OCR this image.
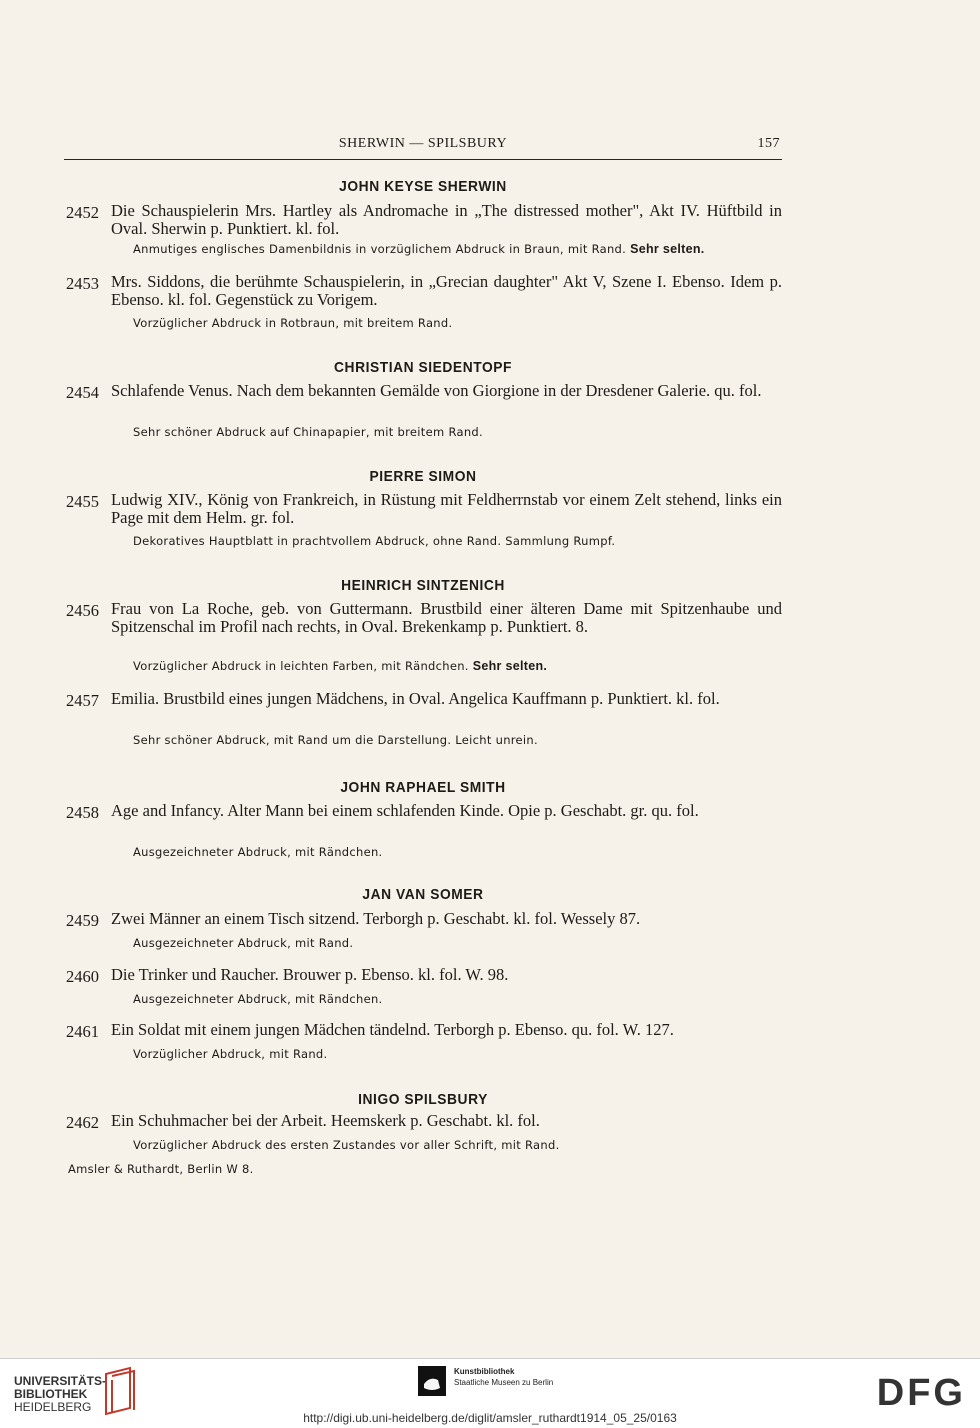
SHERWIN — SPILSBURY	157
JOHN KEYSE SHERWIN
2452 Die Schauspielerin Mrs. Hartley als Andromache in „The distressed mother", Akt IV. Hüftbild in Oval. Sherwin p. Punktiert. kl. fol.
Anmutiges englisches Damenbildnis in vorzüglichem Abdruck in Braun, mit Rand. Sehr selten.
2453 Mrs. Siddons, die berühmte Schauspielerin, in „Grecian daughter" Akt V, Szene I. Ebenso. Idem p. Ebenso. kl. fol. Gegenstück zu Vorigem.
Vorzüglicher Abdruck in Rotbraun, mit breitem Rand.
CHRISTIAN SIEDENTOPF
2454 Schlafende Venus. Nach dem bekannten Gemälde von Giorgione in der Dresdener Galerie. qu. fol.
Sehr schöner Abdruck auf Chinapapier, mit breitem Rand.
PIERRE SIMON
2455 Ludwig XIV., König von Frankreich, in Rüstung mit Feldherrnstab vor einem Zelt stehend, links ein Page mit dem Helm. gr. fol.
Dekoratives Hauptblatt in prachtvollem Abdruck, ohne Rand. Sammlung Rumpf.
HEINRICH SINTZENICH
2456 Frau von La Roche, geb. von Guttermann. Brustbild einer älteren Dame mit Spitzenhaube und Spitzenschal im Profil nach rechts, in Oval. Brekenkamp p. Punktiert. 8.
Vorzüglicher Abdruck in leichten Farben, mit Rändchen. Sehr selten.
2457 Emilia. Brustbild eines jungen Mädchens, in Oval. Angelica Kauffmann p. Punktiert. kl. fol.
Sehr schöner Abdruck, mit Rand um die Darstellung. Leicht unrein.
JOHN RAPHAEL SMITH
2458 Age and Infancy. Alter Mann bei einem schlafenden Kinde. Opie p. Geschabt. gr. qu. fol.
Ausgezeichneter Abdruck, mit Rändchen.
JAN VAN SOMER
2459 Zwei Männer an einem Tisch sitzend. Terborgh p. Geschabt. kl. fol. Wessely 87.
Ausgezeichneter Abdruck, mit Rand.
2460 Die Trinker und Raucher. Brouwer p. Ebenso. kl. fol. W. 98.
Ausgezeichneter Abdruck, mit Rändchen.
2461 Ein Soldat mit einem jungen Mädchen tändelnd. Terborgh p. Ebenso. qu. fol. W. 127.
Vorzüglicher Abdruck, mit Rand.
INIGO SPILSBURY
2462 Ein Schuhmacher bei der Arbeit. Heemskerk p. Geschabt. kl. fol.
Vorzüglicher Abdruck des ersten Zustandes vor aller Schrift, mit Rand.
Amsler & Ruthardt, Berlin W 8.
UNIVERSITÄTS-
BIBLIOTHEK
HEIDELBERG
Kunstbibliothek
Staatliche Museen zu Berlin	DFG
http://digi.ub.uni-heidelberg.de/diglit/amsler_ruthardt1914_05_25/0163
